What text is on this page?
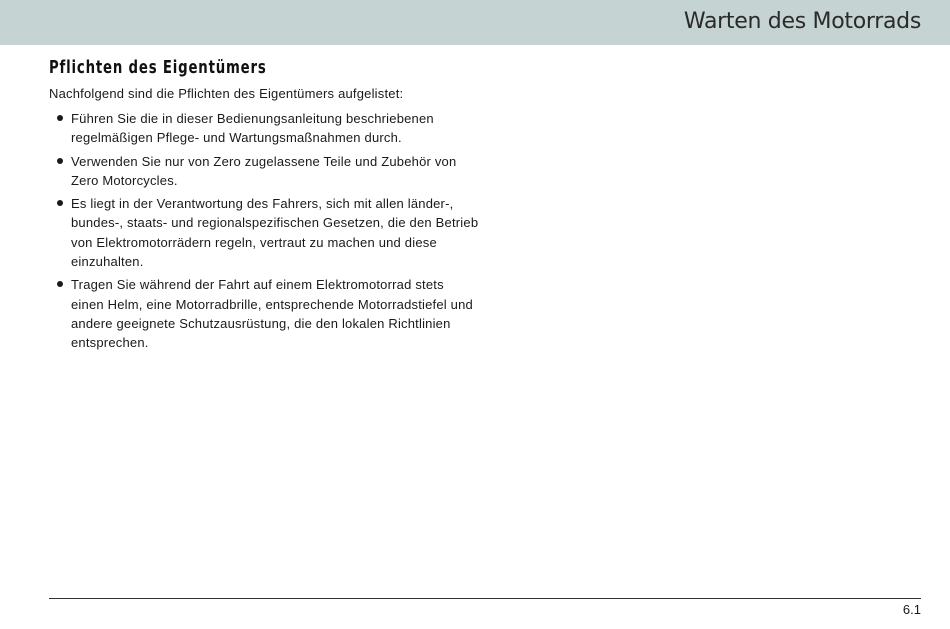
Warten des Motorrads
Pflichten des Eigentümers

Nachfolgend sind die Pflichten des Eigentümers aufgelistet:

Führen Sie die in dieser Bedienungsanleitung beschriebenen regelmäßigen Pflege- und Wartungsmaßnahmen durch.
Verwenden Sie nur von Zero zugelassene Teile und Zubehör von Zero Motorcycles.
Es liegt in der Verantwortung des Fahrers, sich mit allen länder-, bundes-, staats- und regionalspezifischen Gesetzen, die den Betrieb von Elektromotorrädern regeln, vertraut zu machen und diese einzuhalten.
Tragen Sie während der Fahrt auf einem Elektromotorrad stets einen Helm, eine Motorradbrille, entsprechende Motorradstiefel und andere geeignete Schutzausrüstung, die den lokalen Richtlinien entsprechen.
6.1
